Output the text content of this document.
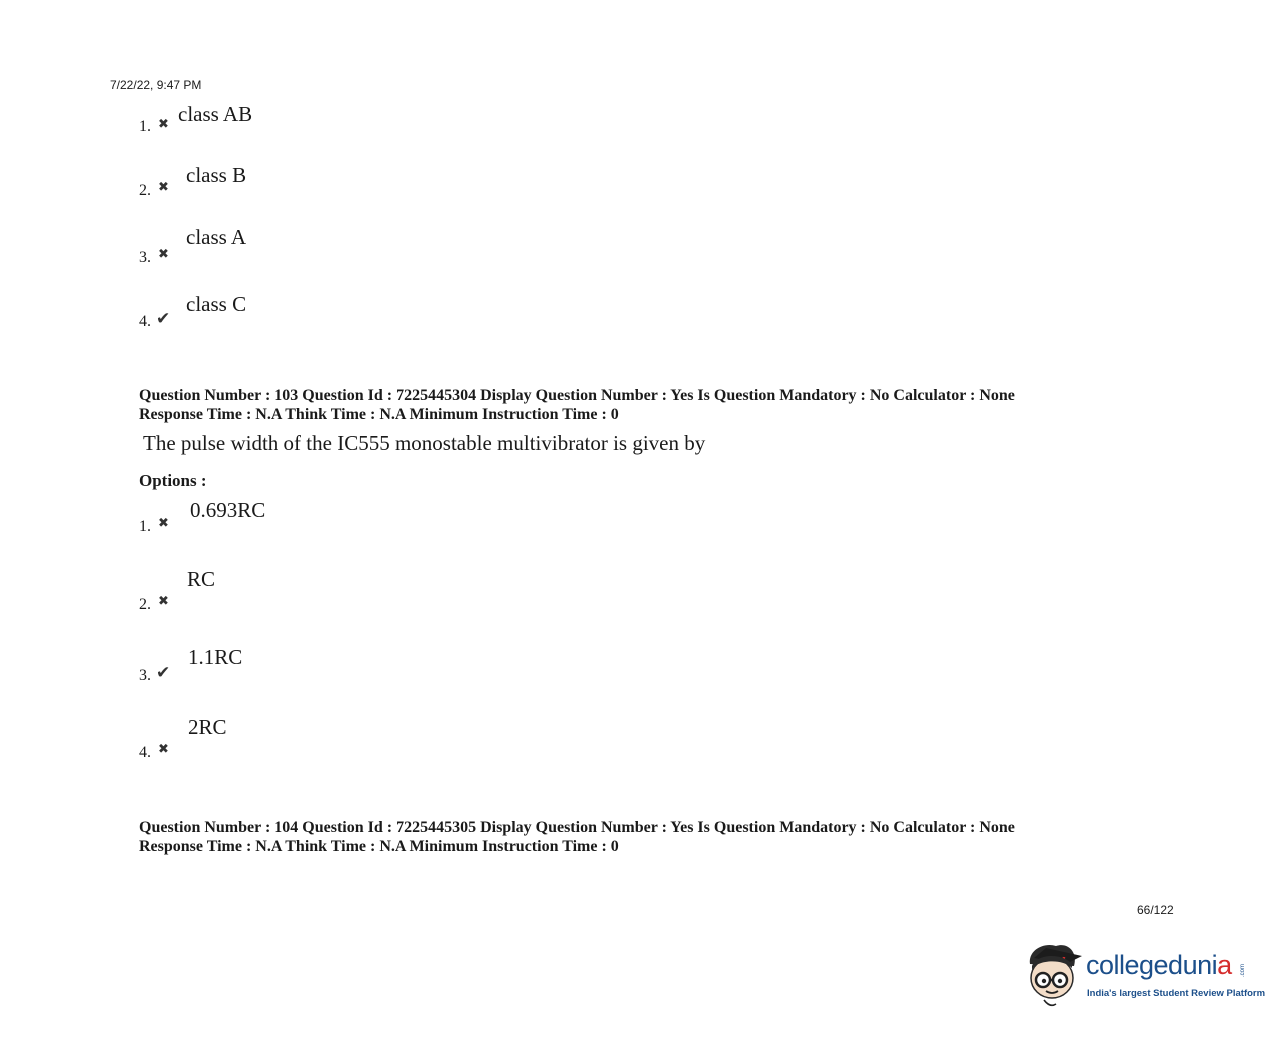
7/22/22, 9:47 PM
1. ✖ class AB
2. ✖
class B
3. ✖
class A
4. ✔
class C
Question Number : 103 Question Id : 7225445304 Display Question Number : Yes Is Question Mandatory : No Calculator : None
Response Time : N.A Think Time : N.A Minimum Instruction Time : 0
The pulse width of the IC555 monostable multivibrator is given by
Options :
1. ✖
0.693RC
2. ✖
RC
3. ✔
1.1RC
4. ✖
2RC
Question Number : 104 Question Id : 7225445305 Display Question Number : Yes Is Question Mandatory : No Calculator : None
Response Time : N.A Think Time : N.A Minimum Instruction Time : 0
66/122
collegedunia .com
India's largest Student Review Platform
